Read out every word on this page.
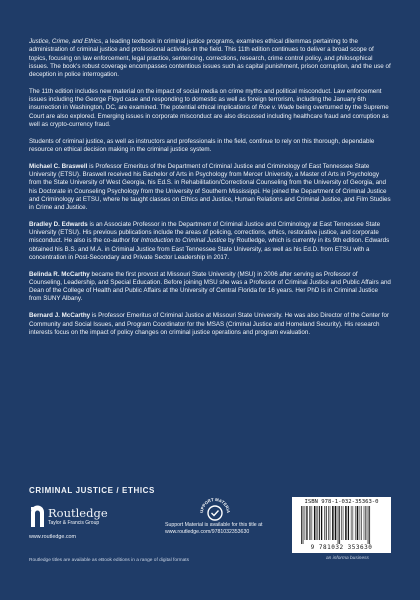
Justice, Crime, and Ethics, a leading textbook in criminal justice programs, examines ethical dilemmas pertaining to the administration of criminal justice and professional activities in the field. This 11th edition continues to deliver a broad scope of topics, focusing on law enforcement, legal practice, sentencing, corrections, research, crime control policy, and philosophical issues. The book's robust coverage encompasses contentious issues such as capital punishment, prison corruption, and the use of deception in police interrogation.

The 11th edition includes new material on the impact of social media on crime myths and political misconduct. Law enforcement issues including the George Floyd case and responding to domestic as well as foreign terrorism, including the January 6th insurrection in Washington, DC, are examined. The potential ethical implications of Roe v. Wade being overturned by the Supreme Court are also explored. Emerging issues in corporate misconduct are also discussed including healthcare fraud and corruption as well as crypto-currency fraud.

Students of criminal justice, as well as instructors and professionals in the field, continue to rely on this thorough, dependable resource on ethical decision making in the criminal justice system.

Michael C. Braswell is Professor Emeritus of the Department of Criminal Justice and Criminology of East Tennessee State University (ETSU). Braswell received his Bachelor of Arts in Psychology from Mercer University, a Master of Arts in Psychology from the State University of West Georgia, his Ed.S. in Rehabilitation/Correctional Counseling from the University of Georgia, and his Doctorate in Counseling Psychology from the University of Southern Mississippi. He joined the Department of Criminal Justice and Criminology at ETSU, where he taught classes on Ethics and Justice, Human Relations and Criminal Justice, and Film Studies in Crime and Justice.

Bradley D. Edwards is an Associate Professor in the Department of Criminal Justice and Criminology at East Tennessee State University (ETSU). His previous publications include the areas of policing, corrections, ethics, restorative justice, and corporate misconduct. He also is the co-author for Introduction to Criminal Justice by Routledge, which is currently in its 9th edition. Edwards obtained his B.S. and M.A. in Criminal Justice from East Tennessee State University, as well as his Ed.D. from ETSU with a concentration in Post-Secondary and Private Sector Leadership in 2017.

Belinda R. McCarthy became the first provost at Missouri State University (MSU) in 2006 after serving as Professor of Counseling, Leadership, and Special Education. Before joining MSU she was a Professor of Criminal Justice and Public Affairs and Dean of the College of Health and Public Affairs at the University of Central Florida for 16 years. Her PhD is in Criminal Justice from SUNY Albany.

Bernard J. McCarthy is Professor Emeritus of Criminal Justice at Missouri State University. He was also Director of the Center for Community and Social Issues, and Program Coordinator for the MSAS (Criminal Justice and Homeland Security). His research interests focus on the impact of policy changes on criminal justice operations and program evaluation.

CRIMINAL JUSTICE / ETHICS
Routledge
Taylor & Francis Group
www.routledge.com
UPPORT MATERIA
Support Material is available for this title at
www.routledge.com/9781032353630
ISBN 978-1-032-35363-0
9 781032 353630
Routledge titles are available as eBook editions in a range of digital formats	an informa business
